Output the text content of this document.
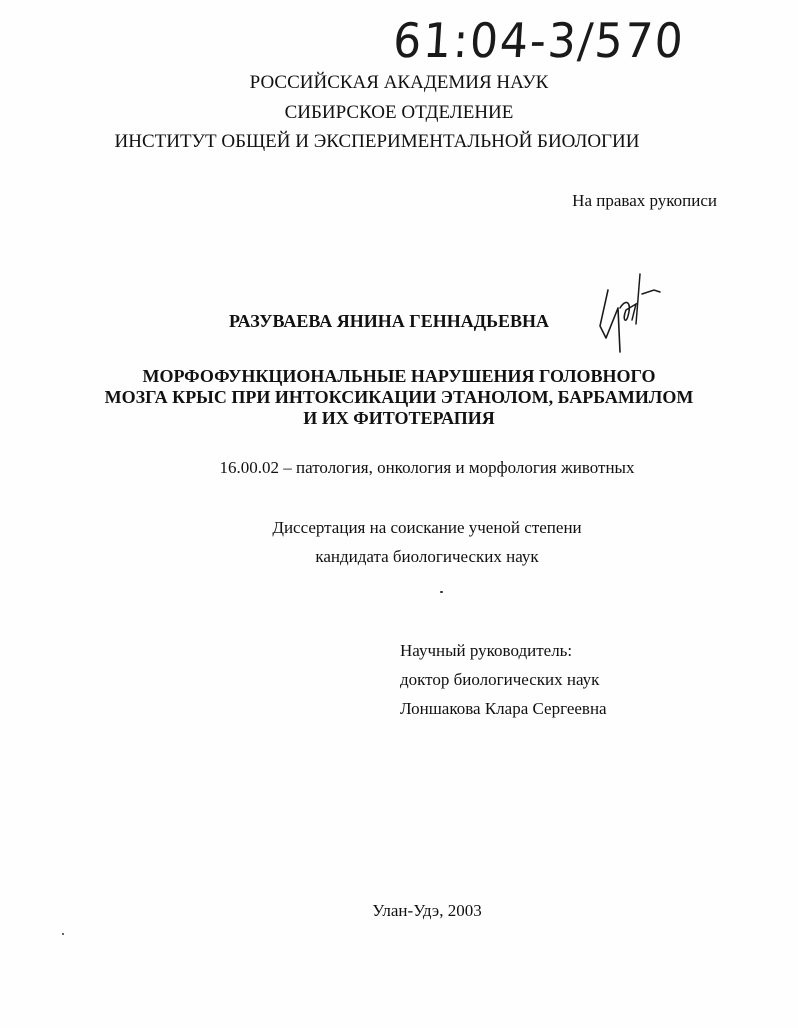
61:04-3/570
РОССИЙСКАЯ АКАДЕМИЯ НАУК
СИБИРСКОЕ ОТДЕЛЕНИЕ
ИНСТИТУТ ОБЩЕЙ И ЭКСПЕРИМЕНТАЛЬНОЙ БИОЛОГИИ
На правах рукописи
РАЗУВАЕВА ЯНИНА ГЕННАДЬЕВНА
МОРФОФУНКЦИОНАЛЬНЫЕ НАРУШЕНИЯ ГОЛОВНОГО
МОЗГА КРЫС ПРИ ИНТОКСИКАЦИИ ЭТАНОЛОМ, БАРБАМИЛОМ
И ИХ ФИТОТЕРАПИЯ
16.00.02 – патология, онкология и морфология животных
Диссертация на соискание ученой степени
кандидата биологических наук
Научный руководитель:
доктор биологических наук
Лоншакова Клара Сергеевна
Улан-Удэ, 2003
